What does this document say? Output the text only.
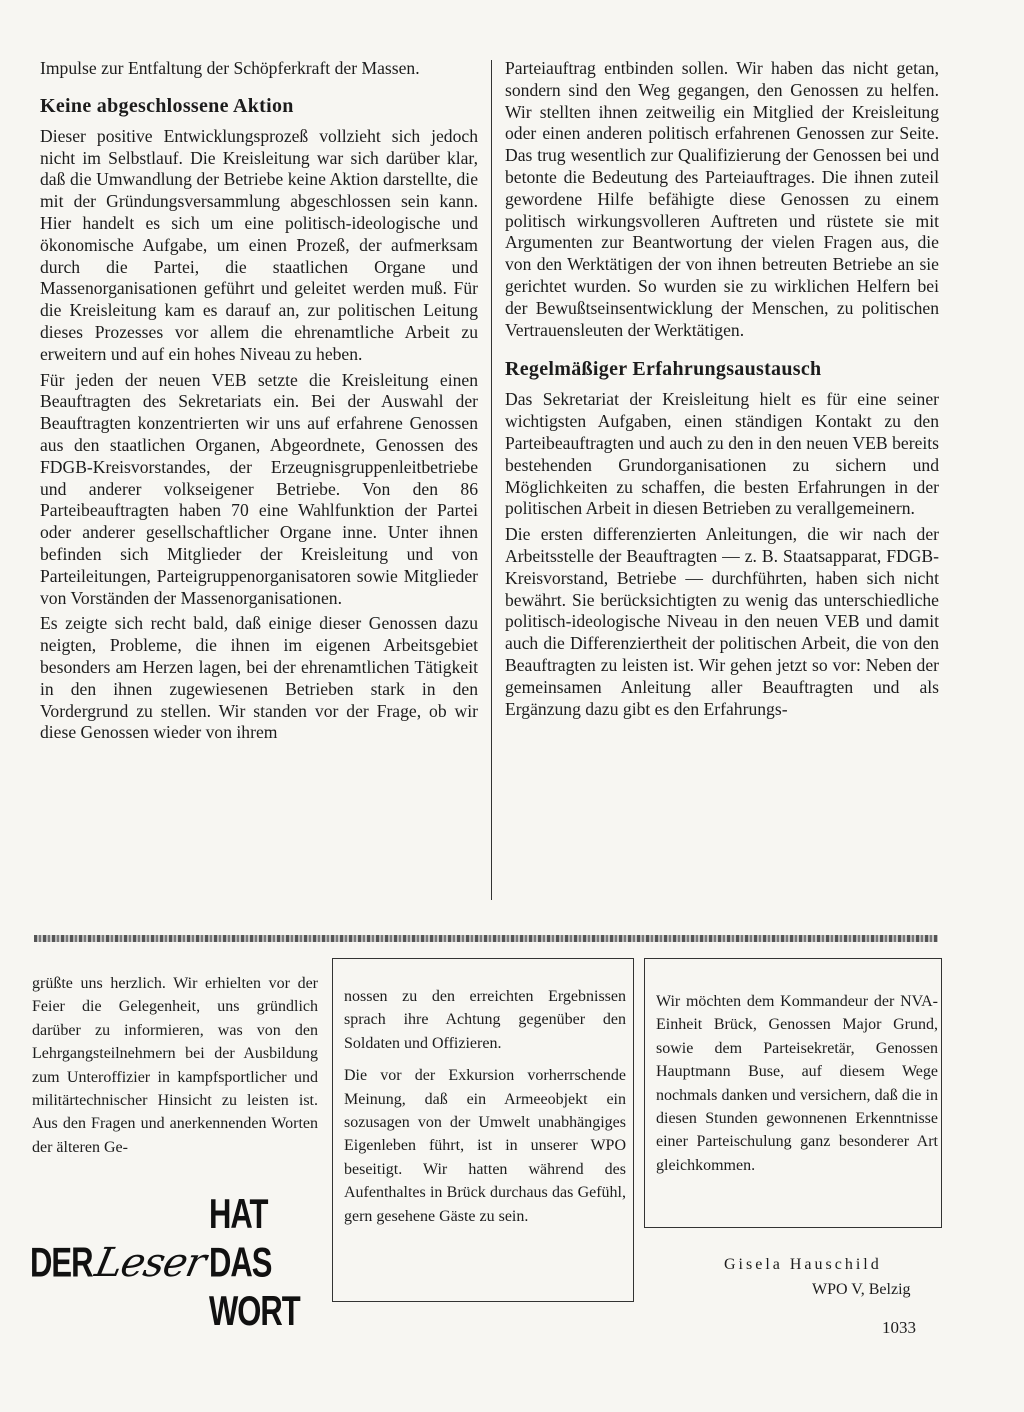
Impulse zur Entfaltung der Schöpferkraft der Massen.

Keine abgeschlossene Aktion

Dieser positive Entwicklungsprozeß vollzieht sich jedoch nicht im Selbstlauf. Die Kreisleitung war sich darüber klar, daß die Umwandlung der Betriebe keine Aktion darstellte, die mit der Gründungsversammlung abgeschlossen sein kann. Hier handelt es sich um eine politisch-ideologische und ökonomische Aufgabe, um einen Prozeß, der aufmerksam durch die Partei, die staatlichen Organe und Massenorganisationen geführt und geleitet werden muß. Für die Kreisleitung kam es darauf an, zur politischen Leitung dieses Prozesses vor allem die ehrenamtliche Arbeit zu erweitern und auf ein hohes Niveau zu heben.

Für jeden der neuen VEB setzte die Kreisleitung einen Beauftragten des Sekretariats ein. Bei der Auswahl der Beauftragten konzentrierten wir uns auf erfahrene Genossen aus den staatlichen Organen, Abgeordnete, Genossen des FDGB-Kreisvorstandes, der Erzeugnisgruppenleitbetriebe und anderer volkseigener Betriebe. Von den 86 Parteibeauftragten haben 70 eine Wahlfunktion der Partei oder anderer gesellschaftlicher Organe inne. Unter ihnen befinden sich Mitglieder der Kreisleitung und von Parteileitungen, Parteigruppenorganisatoren sowie Mitglieder von Vorständen der Massenorganisationen.

Es zeigte sich recht bald, daß einige dieser Genossen dazu neigten, Probleme, die ihnen im eigenen Arbeitsgebiet besonders am Herzen lagen, bei der ehrenamtlichen Tätigkeit in den ihnen zugewiesenen Betrieben stark in den Vordergrund zu stellen. Wir standen vor der Frage, ob wir diese Genossen wieder von ihrem

Parteiauftrag entbinden sollen. Wir haben das nicht getan, sondern sind den Weg gegangen, den Genossen zu helfen. Wir stellten ihnen zeitweilig ein Mitglied der Kreisleitung oder einen anderen politisch erfahrenen Genossen zur Seite. Das trug wesentlich zur Qualifizierung der Genossen bei und betonte die Bedeutung des Parteiauftrages. Die ihnen zuteil gewordene Hilfe befähigte diese Genossen zu einem politisch wirkungsvolleren Auftreten und rüstete sie mit Argumenten zur Beantwortung der vielen Fragen aus, die von den Werktätigen der von ihnen betreuten Betriebe an sie gerichtet wurden. So wurden sie zu wirklichen Helfern bei der Bewußtseinsentwicklung der Menschen, zu politischen Vertrauensleuten der Werktätigen.

Regelmäßiger Erfahrungsaustausch

Das Sekretariat der Kreisleitung hielt es für eine seiner wichtigsten Aufgaben, einen ständigen Kontakt zu den Parteibeauftragten und auch zu den in den neuen VEB bereits bestehenden Grundorganisationen zu sichern und Möglichkeiten zu schaffen, die besten Erfahrungen in der politischen Arbeit in diesen Betrieben zu verallgemeinern.

Die ersten differenzierten Anleitungen, die wir nach der Arbeitsstelle der Beauftragten — z. B. Staatsapparat, FDGB-Kreisvorstand, Betriebe — durchführten, haben sich nicht bewährt. Sie berücksichtigten zu wenig das unterschiedliche politisch-ideologische Niveau in den neuen VEB und damit auch die Differenziertheit der politischen Arbeit, die von den Beauftragten zu leisten ist. Wir gehen jetzt so vor: Neben der gemeinsamen Anleitung aller Beauftragten und als Ergänzung dazu gibt es den Erfahrungs-

grüßte uns herzlich. Wir erhielten vor der Feier die Gelegenheit, uns gründlich darüber zu informieren, was von den Lehrgangsteilnehmern bei der Ausbildung zum Unteroffizier in kampfsportlicher und militärtechnischer Hinsicht zu leisten ist. Aus den Fragen und anerkennenden Worten der älteren Ge-

nossen zu den erreichten Ergebnissen sprach ihre Achtung gegenüber den Soldaten und Offizieren.

Die vor der Exkursion vorherrschende Meinung, daß ein Armeeobjekt ein sozusagen von der Umwelt unabhängiges Eigenleben führt, ist in unserer WPO beseitigt. Wir hatten während des Aufenthaltes in Brück durchaus das Gefühl, gern gesehene Gäste zu sein.

Wir möchten dem Kommandeur der NVA-Einheit Brück, Genossen Major Grund, sowie dem Parteisekretär, Genossen Hauptmann Buse, auf diesem Wege nochmals danken und versichern, daß die in diesen Stunden gewonnenen Erkenntnisse einer Parteischulung ganz besonderer Art gleichkommen.

DER Leser
HAT DAS WORT
Gisela Hauschild
WPO V, Belzig
1033
